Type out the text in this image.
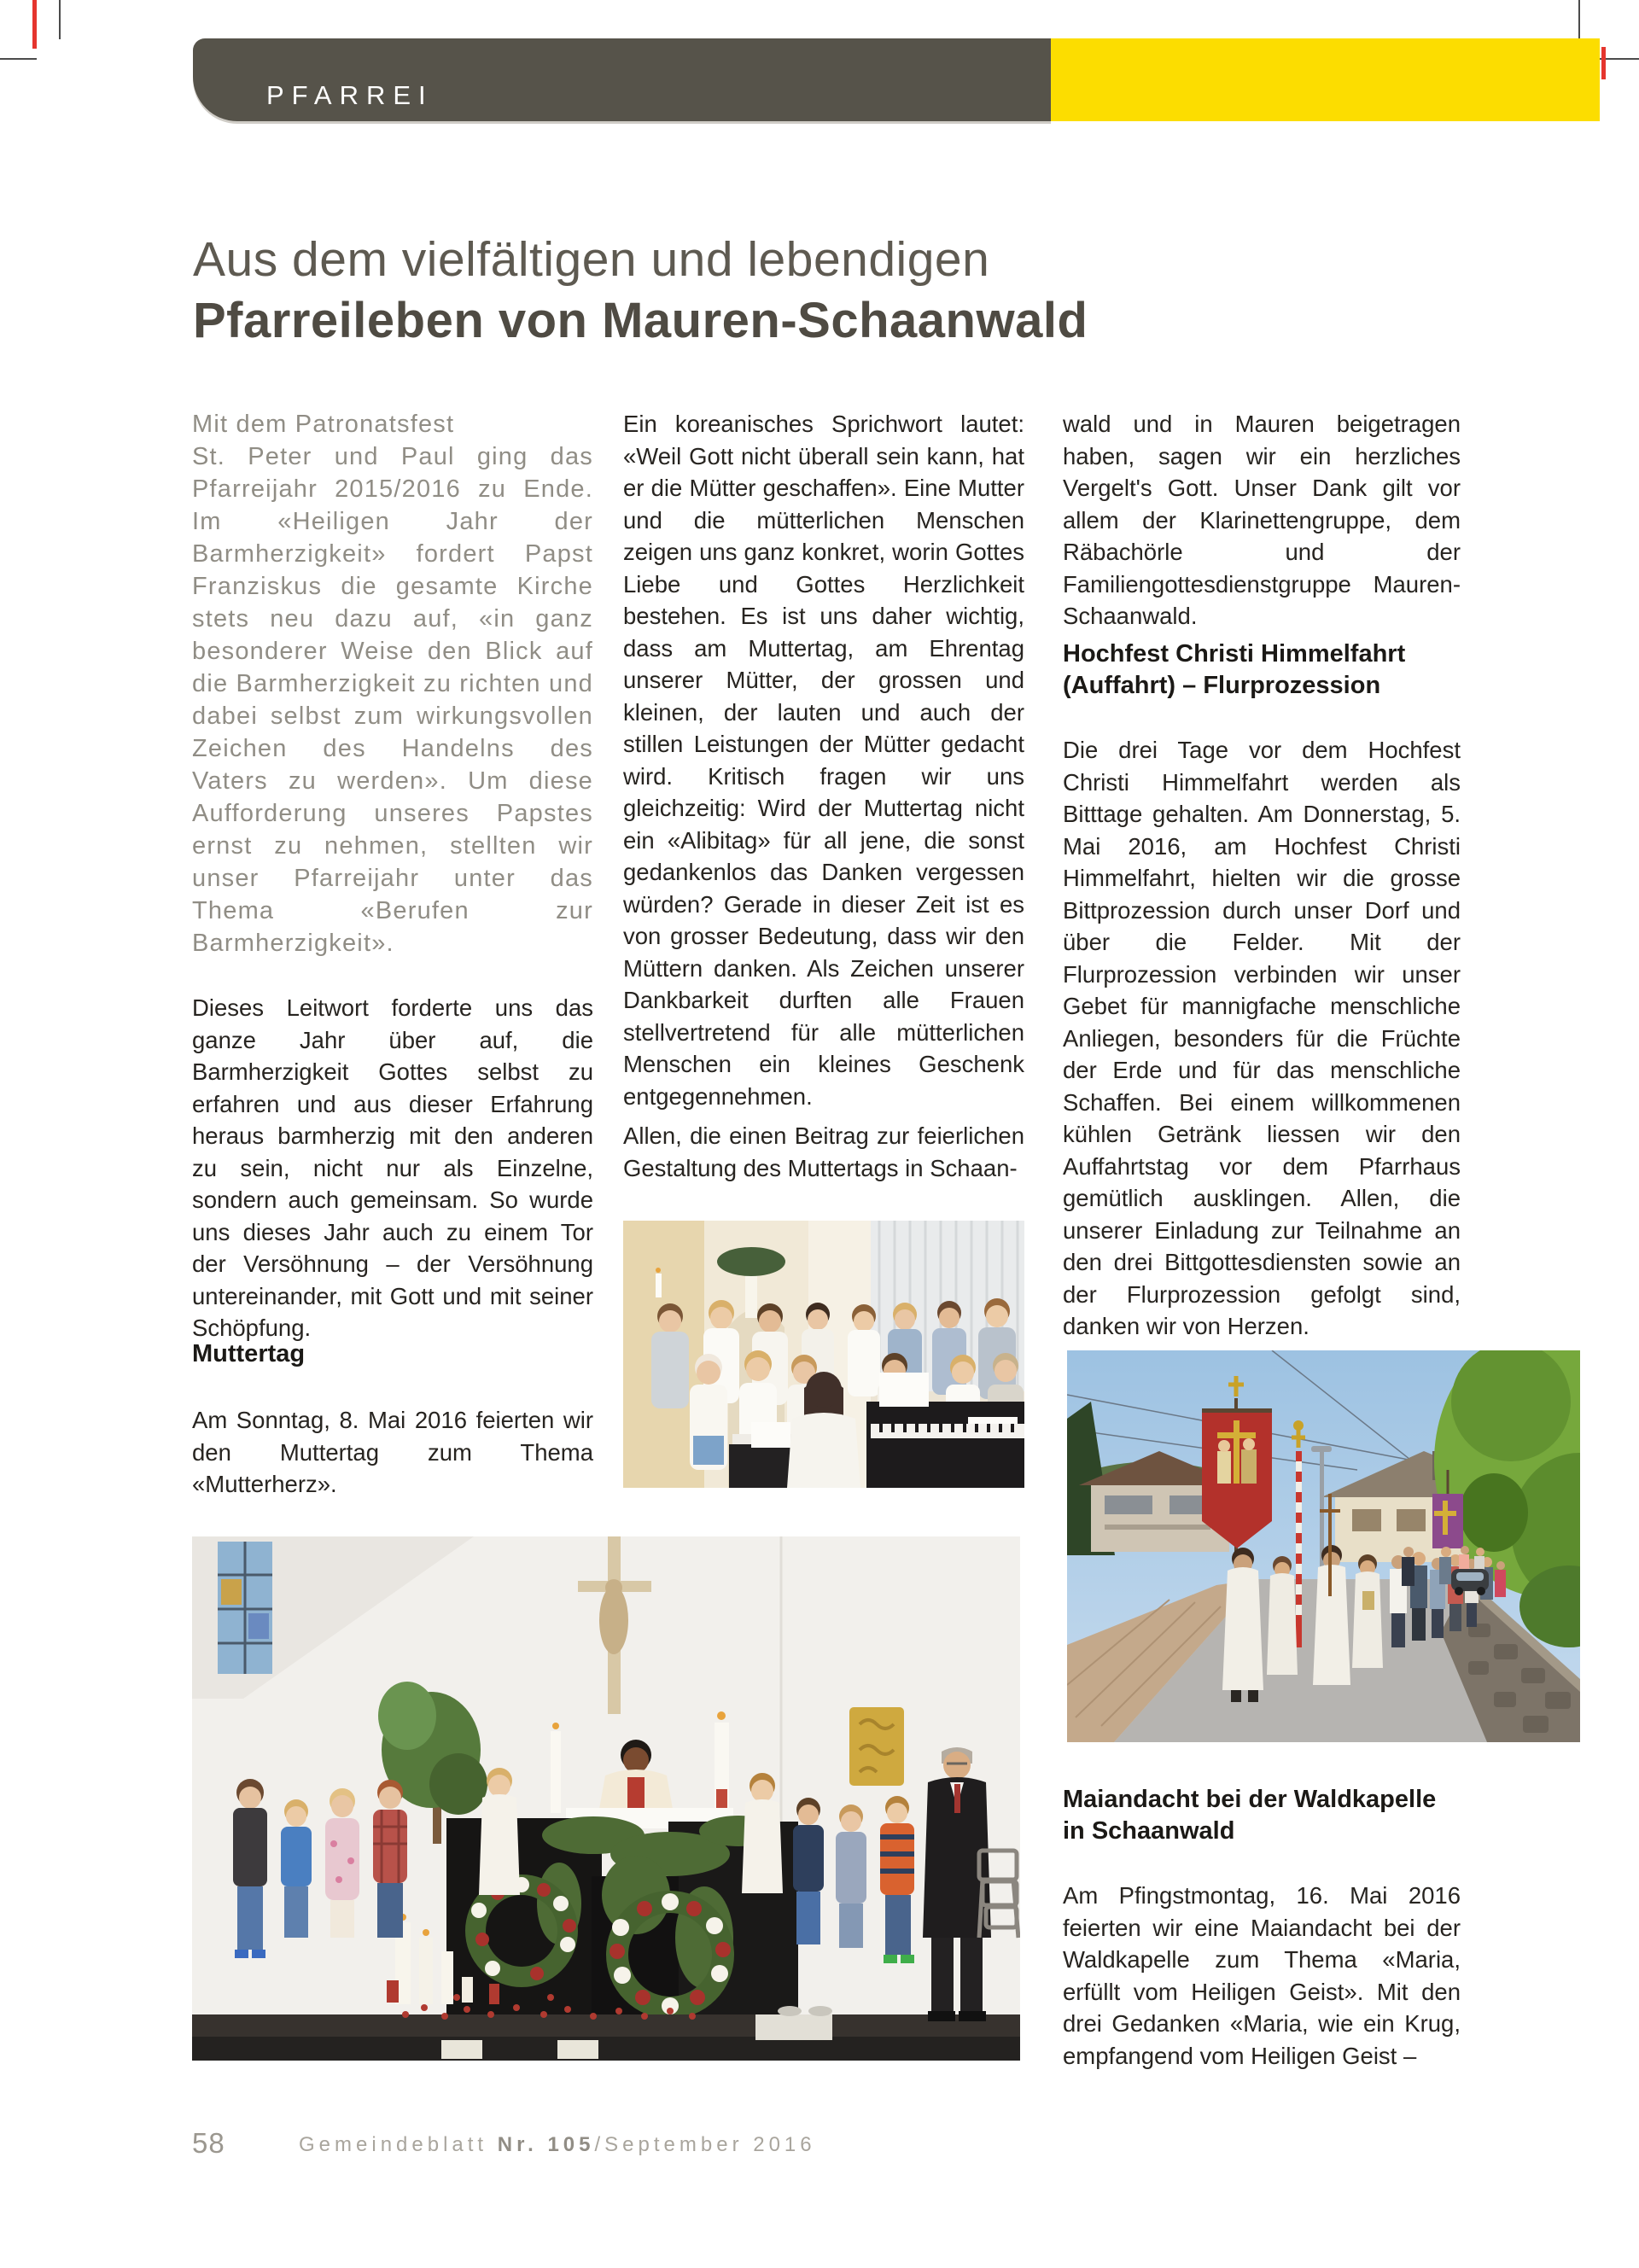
PFARREI
Aus dem vielfältigen und lebendigen
Pfarreileben von Mauren-Schaanwald
Mit dem Patronatsfest
St. Peter und Paul ging das Pfarreijahr 2015/2016 zu Ende. Im «Heiligen Jahr der Barmherzigkeit» fordert Papst Franziskus die gesamte Kirche stets neu dazu auf, «in ganz besonderer Weise den Blick auf die Barmherzigkeit zu richten und dabei selbst zum wirkungsvollen Zeichen des Handelns des Vaters zu werden». Um diese Aufforderung unseres Papstes ernst zu nehmen, stellten wir unser Pfarreijahr unter das Thema «Berufen zur Barmherzigkeit».
Dieses Leitwort forderte uns das ganze Jahr über auf, die Barmherzigkeit Gottes selbst zu erfahren und aus dieser Erfahrung heraus barmherzig mit den anderen zu sein, nicht nur als Einzelne, sondern auch gemeinsam. So wurde uns dieses Jahr auch zu einem Tor der Versöhnung – der Versöhnung untereinander, mit Gott und mit seiner Schöpfung.
Muttertag
Am Sonntag, 8. Mai 2016 feierten wir den Muttertag zum Thema «Mutterherz».
Ein koreanisches Sprichwort lautet: «Weil Gott nicht überall sein kann, hat er die Mütter geschaffen». Eine Mutter und die mütterlichen Menschen zeigen uns ganz konkret, worin Gottes Liebe und Gottes Herzlichkeit bestehen. Es ist uns daher wichtig, dass am Muttertag, am Ehrentag unserer Mütter, der grossen und kleinen, der lauten und auch der stillen Leistungen der Mütter gedacht wird. Kritisch fragen wir uns gleichzeitig: Wird der Muttertag nicht ein «Alibitag» für all jene, die sonst gedankenlos das Danken vergessen würden? Gerade in dieser Zeit ist es von grosser Bedeutung, dass wir den Müttern danken. Als Zeichen unserer Dankbarkeit durften alle Frauen stellvertretend für alle mütterlichen Menschen ein kleines Geschenk entgegennehmen.
Allen, die einen Beitrag zur feierlichen Gestaltung des Muttertags in Schaan-
wald und in Mauren beigetragen haben, sagen wir ein herzliches Vergelt's Gott. Unser Dank gilt vor allem der Klarinettengruppe, dem Räbachörle und der Familiengottesdienstgruppe Mauren-Schaanwald.
Hochfest Christi Himmelfahrt (Auffahrt) – Flurprozession
Die drei Tage vor dem Hochfest Christi Himmelfahrt werden als Bitttage gehalten. Am Donnerstag, 5. Mai 2016, am Hochfest Christi Himmelfahrt, hielten wir die grosse Bittprozession durch unser Dorf und über die Felder. Mit der Flurprozession verbinden wir unser Gebet für mannigfache menschliche Anliegen, besonders für die Früchte der Erde und für das menschliche Schaffen. Bei einem willkommenen kühlen Getränk liessen wir den Auffahrtstag vor dem Pfarrhaus gemütlich ausklingen. Allen, die unserer Einladung zur Teilnahme an den drei Bittgottesdiensten sowie an der Flurprozession gefolgt sind, danken wir von Herzen.
Maiandacht bei der Waldkapelle in Schaanwald
Am Pfingstmontag, 16. Mai 2016 feierten wir eine Maiandacht bei der Waldkapelle zum Thema «Maria, erfüllt vom Heiligen Geist». Mit den drei Gedanken «Maria, wie ein Krug, empfangend vom Heiligen Geist –
58	Gemeindeblatt Nr. 105/September 2016
